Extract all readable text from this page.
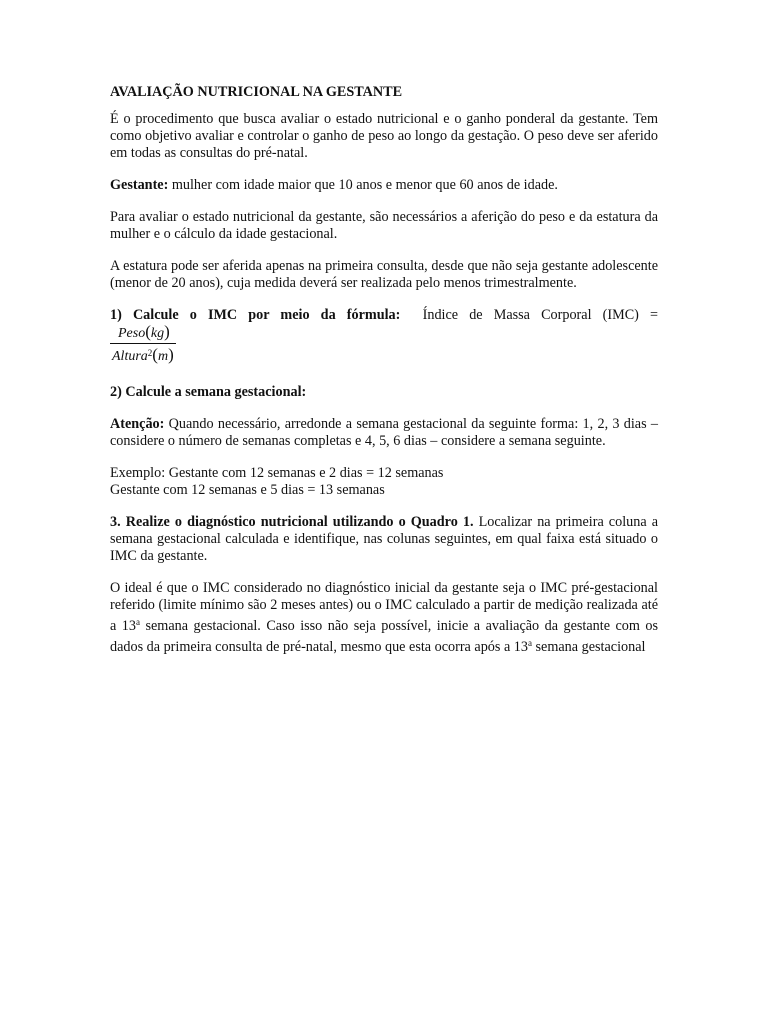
AVALIAÇÃO NUTRICIONAL NA GESTANTE

É o procedimento que busca avaliar o estado nutricional e o ganho ponderal da gestante. Tem como objetivo avaliar e controlar o ganho de peso ao longo da gestação. O peso deve ser aferido em todas as consultas do pré-natal.

Gestante: mulher com idade maior que 10 anos e menor que 60 anos de idade.

Para avaliar o estado nutricional da gestante, são necessários a aferição do peso e da estatura da mulher e o cálculo da idade gestacional.

A estatura pode ser aferida apenas na primeira consulta, desde que não seja gestante adolescente (menor de 20 anos), cuja medida deverá ser realizada pelo menos trimestralmente.

1) Calcule o IMC por meio da fórmula: Índice de Massa Corporal (IMC) =

$\frac{\text{Peso(kg)}}{Altura^2(m)}$

2) Calcule a semana gestacional:

Atenção: Quando necessário, arredonde a semana gestacional da seguinte forma: 1, 2, 3 dias – considere o número de semanas completas e 4, 5, 6 dias – considere a semana seguinte.

Exemplo: Gestante com 12 semanas e 2 dias = 12 semanas
Gestante com 12 semanas e 5 dias = 13 semanas

3. Realize o diagnóstico nutricional utilizando o Quadro 1. Localizar na primeira coluna a semana gestacional calculada e identifique, nas colunas seguintes, em qual faixa está situado o IMC da gestante.

O ideal é que o IMC considerado no diagnóstico inicial da gestante seja o IMC pré-gestacional referido (limite mínimo são 2 meses antes) ou o IMC calculado a partir de medição realizada até a 13$^a$ semana gestacional. Caso isso não seja possível, inicie a avaliação da gestante com os dados da primeira consulta de pré-natal, mesmo que esta ocorra após a 13$^a$ semana gestacional
